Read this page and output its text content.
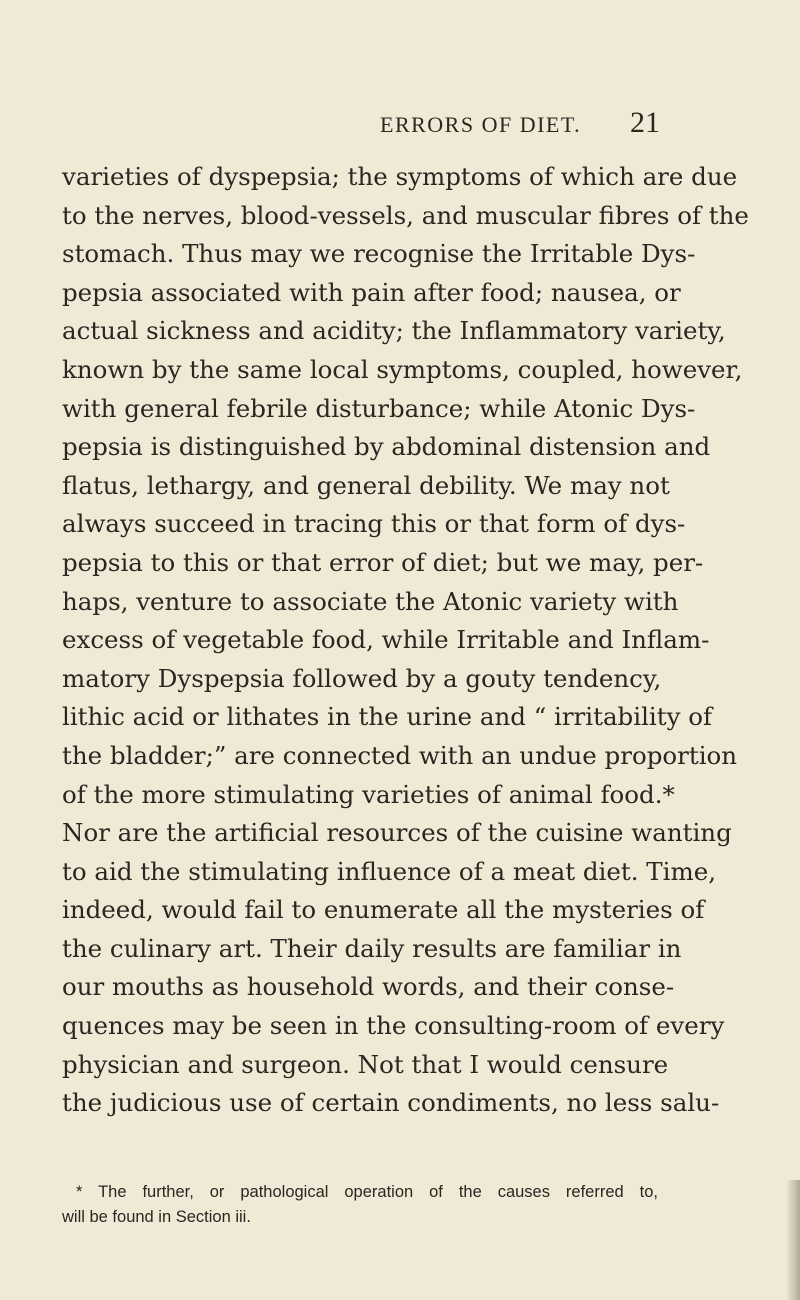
ERRORS OF DIET. 21
varieties of dyspepsia; the symptoms of which are due
to the nerves, blood-vessels, and muscular fibres of the
stomach. Thus may we recognise the Irritable Dys-
pepsia associated with pain after food; nausea, or
actual sickness and acidity; the Inflammatory variety,
known by the same local symptoms, coupled, however,
with general febrile disturbance; while Atonic Dys-
pepsia is distinguished by abdominal distension and
flatus, lethargy, and general debility. We may not
always succeed in tracing this or that form of dys-
pepsia to this or that error of diet; but we may, per-
haps, venture to associate the Atonic variety with
excess of vegetable food, while Irritable and Inflam-
matory Dyspepsia followed by a gouty tendency,
lithic acid or lithates in the urine and “ irritability of
the bladder;” are connected with an undue proportion
of the more stimulating varieties of animal food.*
Nor are the artificial resources of the cuisine wanting
to aid the stimulating influence of a meat diet. Time,
indeed, would fail to enumerate all the mysteries of
the culinary art. Their daily results are familiar in
our mouths as household words, and their conse-
quences may be seen in the consulting-room of every
physician and surgeon. Not that I would censure
the judicious use of certain condiments, no less salu-
* The further, or pathological operation of the causes referred to,
will be found in Section iii.
